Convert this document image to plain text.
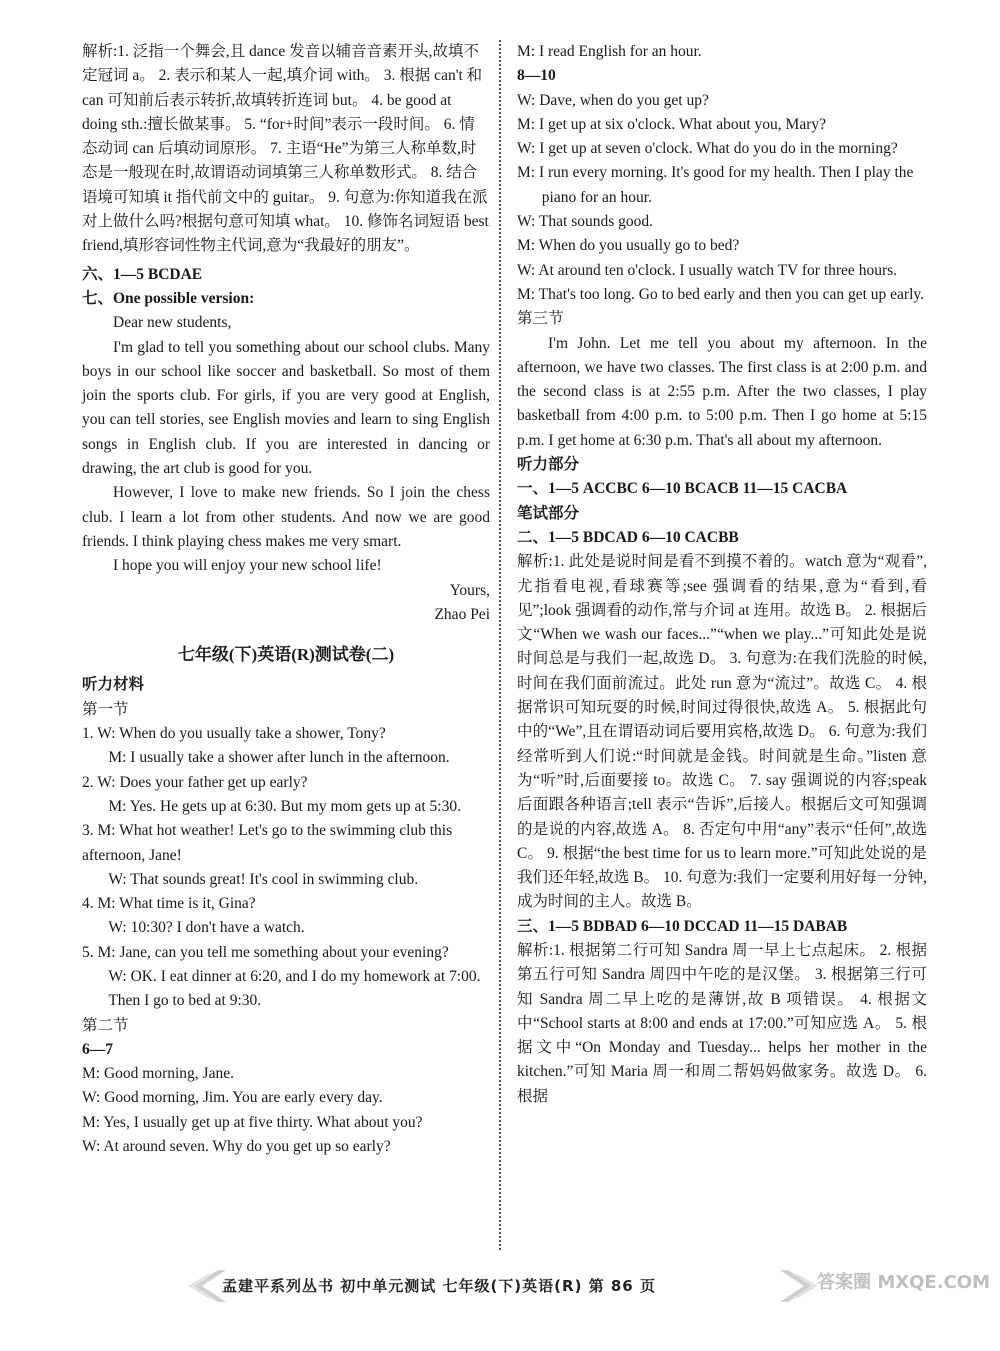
解析:1. 泛指一个舞会,且 dance 发音以辅音音素开头,故填不定冠词 a。 2. 表示和某人一起,填介词 with。 3. 根据 can't 和 can 可知前后表示转折,故填转折连词 but。 4. be good at doing sth.:擅长做某事。 5. “for+时间”表示一段时间。 6. 情态动词 can 后填动词原形。 7. 主语“He”为第三人称单数,时态是一般现在时,故谓语动词填第三人称单数形式。 8. 结合语境可知填 it 指代前文中的 guitar。 9. 句意为:你知道我在派对上做什么吗?根据句意可知填 what。 10. 修饰名词短语 best friend,填形容词性物主代词,意为“我最好的朋友”。

六、1—5 BCDAE

七、One possible version:

Dear new students,

I'm glad to tell you something about our school clubs. Many boys in our school like soccer and basketball. So most of them join the sports club. For girls, if you are very good at English, you can tell stories, see English movies and learn to sing English songs in English club. If you are interested in dancing or drawing, the art club is good for you.

However, I love to make new friends. So I join the chess club. I learn a lot from other students. And now we are good friends. I think playing chess makes me very smart.

I hope you will enjoy your new school life!

Yours,

Zhao Pei

七年级(下)英语(R)测试卷(二)

听力材料

第一节

1. W: When do you usually take a shower, Tony?

M: I usually take a shower after lunch in the afternoon.

2. W: Does your father get up early?

M: Yes. He gets up at 6:30. But my mom gets up at 5:30.

3. M: What hot weather! Let's go to the swimming club this afternoon, Jane!

W: That sounds great! It's cool in swimming club.

4. M: What time is it, Gina?

W: 10:30? I don't have a watch.

5. M: Jane, can you tell me something about your evening?

W: OK. I eat dinner at 6:20, and I do my homework at 7:00. Then I go to bed at 9:30.

第二节

6—7

M: Good morning, Jane.

W: Good morning, Jim. You are early every day.

M: Yes, I usually get up at five thirty. What about you?

W: At around seven. Why do you get up so early?

M: I read English for an hour.

8—10

W: Dave, when do you get up?

M: I get up at six o'clock. What about you, Mary?

W: I get up at seven o'clock. What do you do in the morning?

M: I run every morning. It's good for my health. Then I play the piano for an hour.

W: That sounds good.

M: When do you usually go to bed?

W: At around ten o'clock. I usually watch TV for three hours.

M: That's too long. Go to bed early and then you can get up early.

第三节

I'm John. Let me tell you about my afternoon. In the afternoon, we have two classes. The first class is at 2:00 p.m. and the second class is at 2:55 p.m. After the two classes, I play basketball from 4:00 p.m. to 5:00 p.m. Then I go home at 5:15 p.m. I get home at 6:30 p.m. That's all about my afternoon.

听力部分

一、1—5 ACCBC 6—10 BCACB 11—15 CACBA

笔试部分

二、1—5 BDCAD 6—10 CACBB

解析:1. 此处是说时间是看不到摸不着的。watch 意为“观看”,尤指看电视,看球赛等;see 强调看的结果,意为“看到,看见”;look 强调看的动作,常与介词 at 连用。故选 B。 2. 根据后文“When we wash our faces...”“when we play...”可知此处是说时间总是与我们一起,故选 D。 3. 句意为:在我们洗脸的时候,时间在我们面前流过。此处 run 意为“流过”。故选 C。 4. 根据常识可知玩耍的时候,时间过得很快,故选 A。 5. 根据此句中的“We”,且在谓语动词后要用宾格,故选 D。 6. 句意为:我们经常听到人们说:“时间就是金钱。时间就是生命。”listen 意为“听”时,后面要接 to。故选 C。 7. say 强调说的内容;speak 后面跟各种语言;tell 表示“告诉”,后接人。根据后文可知强调的是说的内容,故选 A。 8. 否定句中用“any”表示“任何”,故选 C。 9. 根据“the best time for us to learn more.”可知此处说的是我们还年轻,故选 B。 10. 句意为:我们一定要利用好每一分钟,成为时间的主人。故选 B。

三、1—5 BDBAD 6—10 DCCAD 11—15 DABAB

解析:1. 根据第二行可知 Sandra 周一早上七点起床。 2. 根据第五行可知 Sandra 周四中午吃的是汉堡。 3. 根据第三行可知 Sandra 周二早上吃的是薄饼,故 B 项错误。 4. 根据文中“School starts at 8:00 and ends at 17:00.”可知应选 A。 5. 根据文中“On Monday and Tuesday... helps her mother in the kitchen.”可知 Maria 周一和周二帮妈妈做家务。故选 D。 6. 根据

孟建平系列丛书 初中单元测试 七年级(下)英语(R) 第 86 页	答案圈 MXQE.COM
